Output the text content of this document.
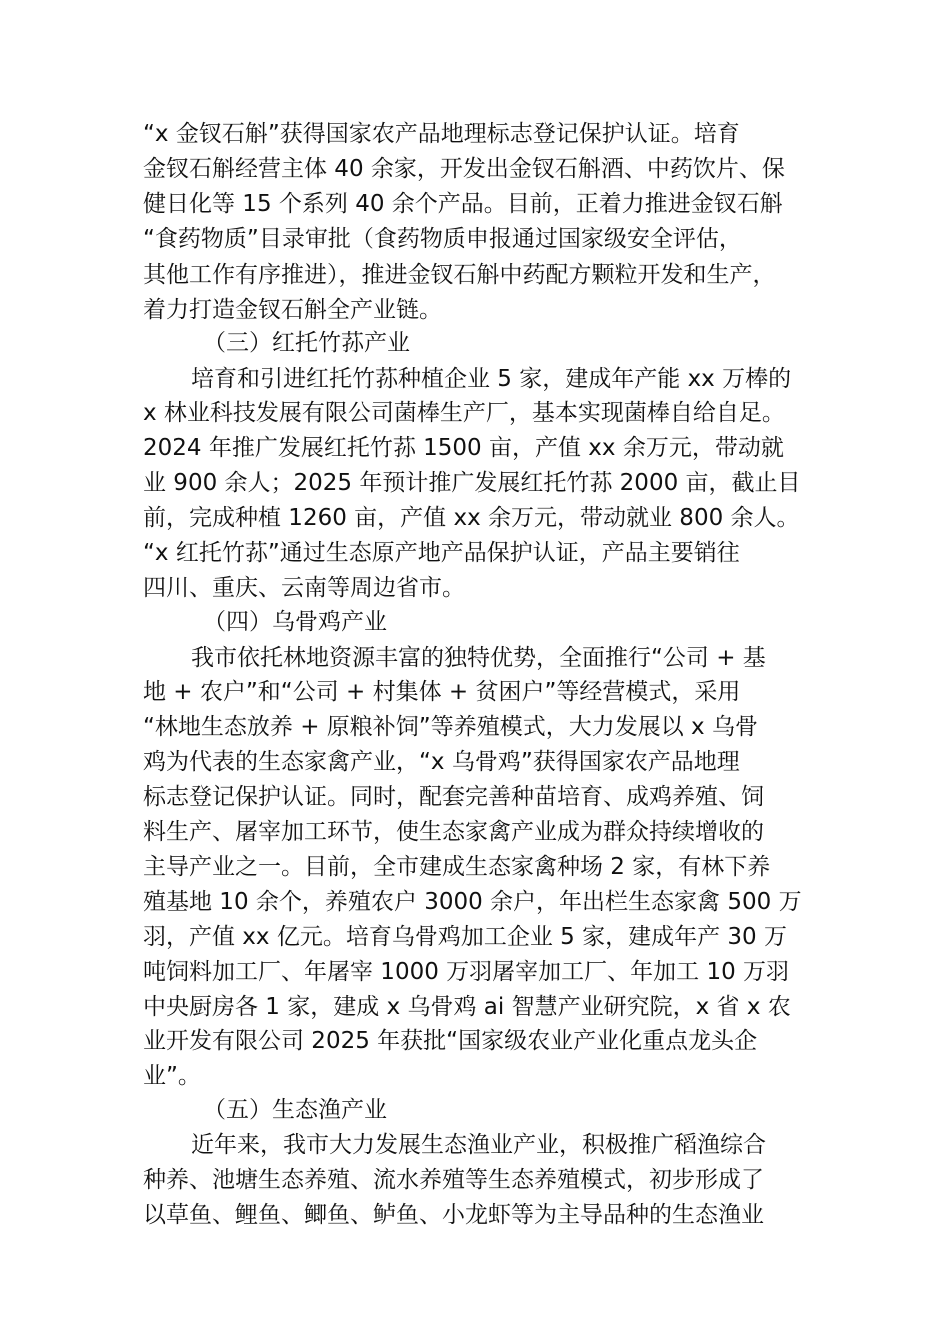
“x 金钗石斛”获得国家农产品地理标志登记保护认证。培育
金钗石斛经营主体 40 余家，开发出金钗石斛酒、中药饮片、保
健日化等 15 个系列 40 余个产品。目前，正着力推进金钗石斛
“食药物质”目录审批（食药物质申报通过国家级安全评估，
其他工作有序推进），推进金钗石斛中药配方颗粒开发和生产，
着力打造金钗石斛全产业链。
（三）红托竹荪产业
培育和引进红托竹荪种植企业 5 家，建成年产能 xx 万棒的
x 林业科技发展有限公司菌棒生产厂，基本实现菌棒自给自足。
2024 年推广发展红托竹荪 1500 亩，产值 xx 余万元，带动就
业 900 余人；2025 年预计推广发展红托竹荪 2000 亩，截止目
前，完成种植 1260 亩，产值 xx 余万元，带动就业 800 余人。
“x 红托竹荪”通过生态原产地产品保护认证，产品主要销往
四川、重庆、云南等周边省市。
（四）乌骨鸡产业
我市依托林地资源丰富的独特优势，全面推行“公司 + 基
地 + 农户”和“公司 + 村集体 + 贫困户”等经营模式，采用
“林地生态放养 + 原粮补饲”等养殖模式，大力发展以 x 乌骨
鸡为代表的生态家禽产业，“x 乌骨鸡”获得国家农产品地理
标志登记保护认证。同时，配套完善种苗培育、成鸡养殖、饲
料生产、屠宰加工环节，使生态家禽产业成为群众持续增收的
主导产业之一。目前，全市建成生态家禽种场 2 家，有林下养
殖基地 10 余个，养殖农户 3000 余户，年出栏生态家禽 500 万
羽，产值 xx 亿元。培育乌骨鸡加工企业 5 家，建成年产 30 万
吨饲料加工厂、年屠宰 1000 万羽屠宰加工厂、年加工 10 万羽
中央厨房各 1 家，建成 x 乌骨鸡 ai 智慧产业研究院，x 省 x 农
业开发有限公司 2025 年获批“国家级农业产业化重点龙头企
业”。
（五）生态渔产业
近年来，我市大力发展生态渔业产业，积极推广稻渔综合
种养、池塘生态养殖、流水养殖等生态养殖模式，初步形成了
以草鱼、鲤鱼、鲫鱼、鲈鱼、小龙虾等为主导品种的生态渔业
